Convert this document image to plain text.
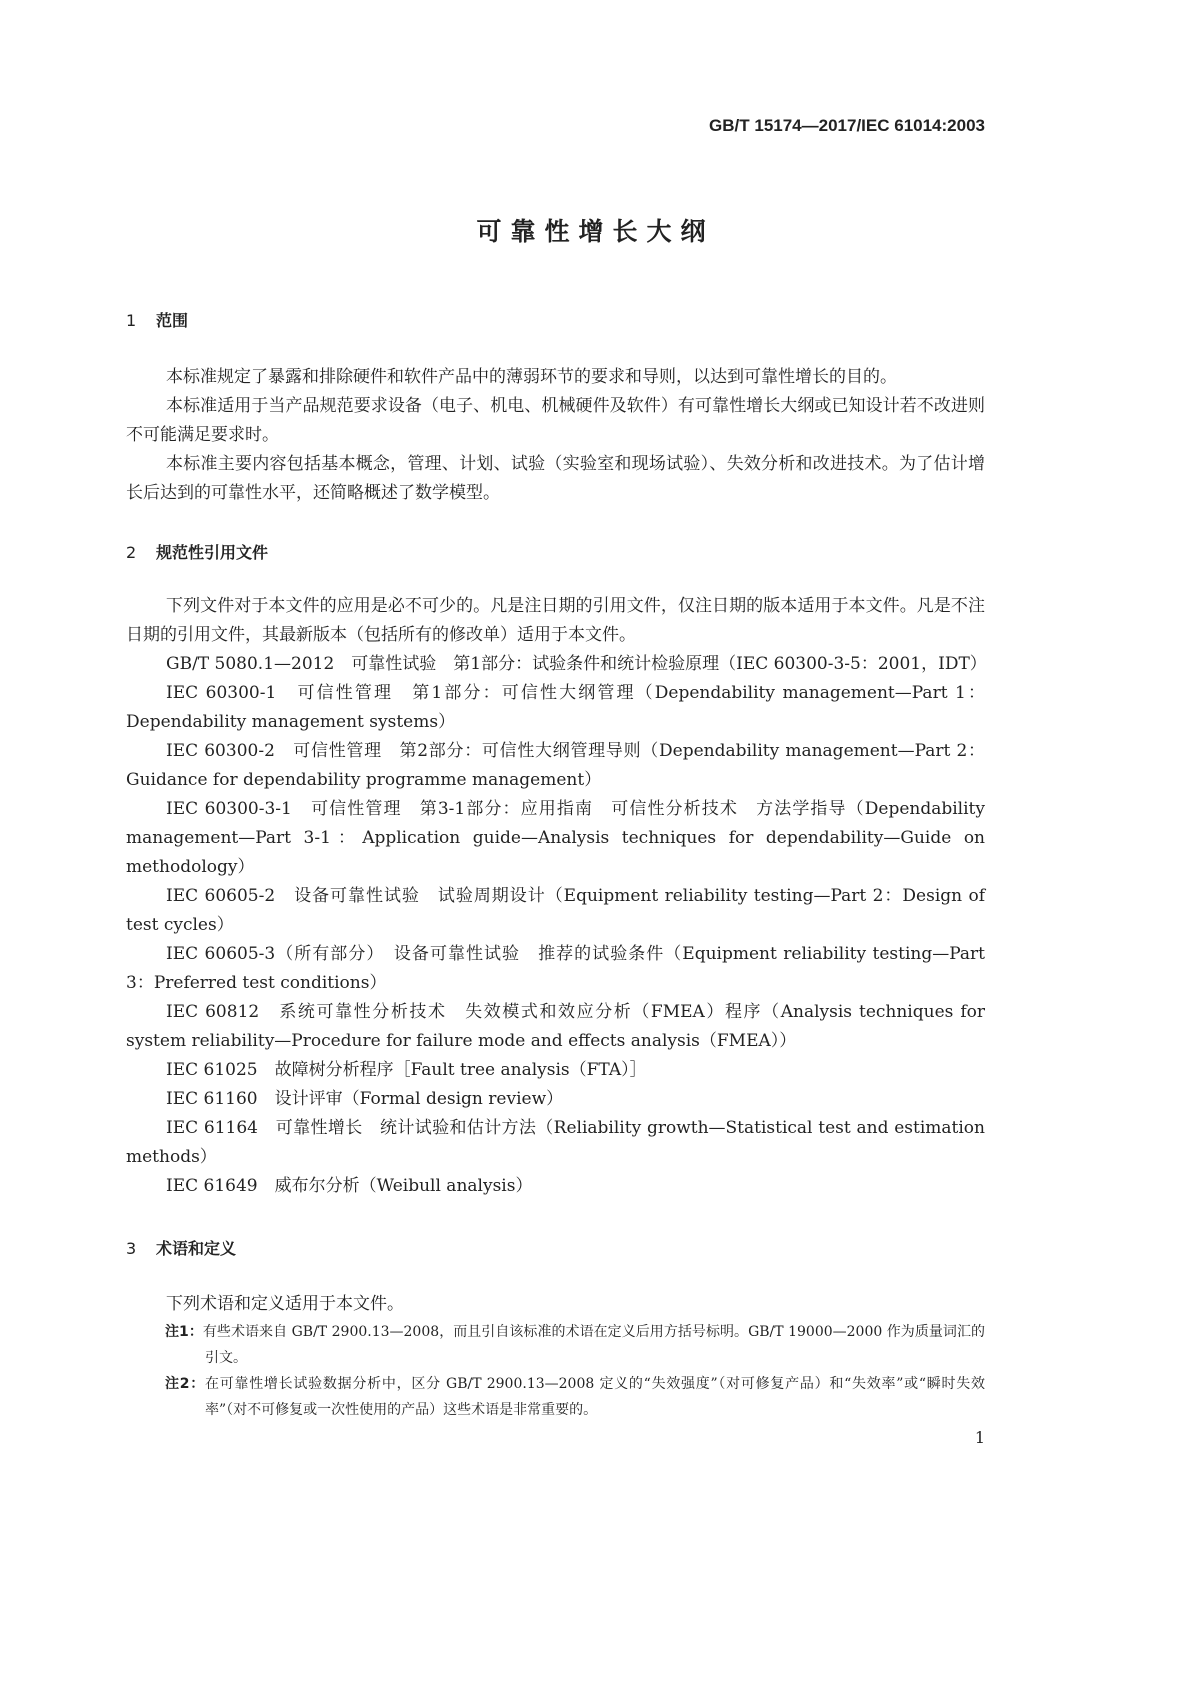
GB/T 15174—2017/IEC 61014:2003
可靠性增长大纲
1 范围

本标准规定了暴露和排除硬件和软件产品中的薄弱环节的要求和导则，以达到可靠性增长的目的。

本标准适用于当产品规范要求设备（电子、机电、机械硬件及软件）有可靠性增长大纲或已知设计若不改进则不可能满足要求时。

本标准主要内容包括基本概念，管理、计划、试验（实验室和现场试验）、失效分析和改进技术。为了估计增长后达到的可靠性水平，还简略概述了数学模型。

2 规范性引用文件

下列文件对于本文件的应用是必不可少的。凡是注日期的引用文件，仅注日期的版本适用于本文件。凡是不注日期的引用文件，其最新版本（包括所有的修改单）适用于本文件。

GB/T 5080.1—2012　可靠性试验　第1部分：试验条件和统计检验原理（IEC 60300-3-5：2001，IDT）

IEC 60300-1　可信性管理　第1部分：可信性大纲管理（Dependability management—Part 1：Dependability management systems）

IEC 60300-2　可信性管理　第2部分：可信性大纲管理导则（Dependability management—Part 2：Guidance for dependability programme management）

IEC 60300-3-1　可信性管理　第3-1部分：应用指南　可信性分析技术　方法学指导（Dependability management—Part 3-1：Application guide—Analysis techniques for dependability—Guide on methodology）

IEC 60605-2　设备可靠性试验　试验周期设计（Equipment reliability testing—Part 2：Design of test cycles）

IEC 60605-3（所有部分）　设备可靠性试验　推荐的试验条件（Equipment reliability testing—Part 3：Preferred test conditions）

IEC 60812　系统可靠性分析技术　失效模式和效应分析（FMEA）程序（Analysis techniques for system reliability—Procedure for failure mode and effects analysis（FMEA））

IEC 61025　故障树分析程序［Fault tree analysis（FTA）］

IEC 61160　设计评审（Formal design review）

IEC 61164　可靠性增长　统计试验和估计方法（Reliability growth—Statistical test and estimation methods）

IEC 61649　威布尔分析（Weibull analysis）

3 术语和定义

下列术语和定义适用于本文件。

注1：有些术语来自 GB/T 2900.13—2008，而且引自该标准的术语在定义后用方括号标明。GB/T 19000—2000 作为质量词汇的引文。
注2：在可靠性增长试验数据分析中，区分 GB/T 2900.13—2008 定义的“失效强度”（对可修复产品）和“失效率”或“瞬时失效率”（对不可修复或一次性使用的产品）这些术语是非常重要的。
1
